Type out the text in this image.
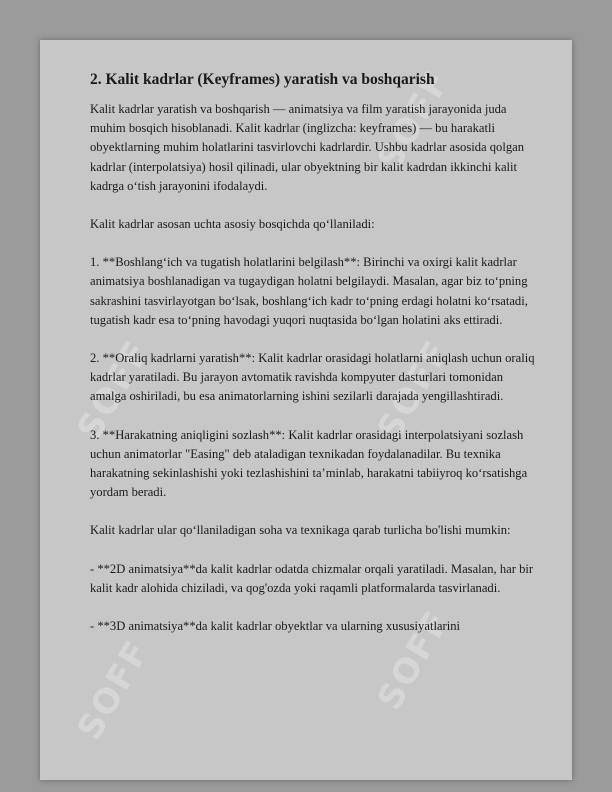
SOFF
SOFF
SOFF
SOFF
SOFF
2. Kalit kadrlar (Keyframes) yaratish va boshqarish

Kalit kadrlar yaratish va boshqarish — animatsiya va film yaratish jarayonida juda muhim bosqich hisoblanadi. Kalit kadrlar (inglizcha: keyframes) — bu harakatli obyektlarning muhim holatlarini tasvirlovchi kadrlardir. Ushbu kadrlar asosida qolgan kadrlar (interpolatsiya) hosil qilinadi, ular obyektning bir kalit kadrdan ikkinchi kalit kadrga o‘tish jarayonini ifodalaydi.

Kalit kadrlar asosan uchta asosiy bosqichda qo‘llaniladi:

1. **Boshlang‘ich va tugatish holatlarini belgilash**: Birinchi va oxirgi kalit kadrlar animatsiya boshlanadigan va tugaydigan holatni belgilaydi. Masalan, agar biz to‘pning sakrashini tasvirlayotgan bo‘lsak, boshlang‘ich kadr to‘pning erdagi holatni ko‘rsatadi, tugatish kadr esa to‘pning havodagi yuqori nuqtasida bo‘lgan holatini aks ettiradi.

2. **Oraliq kadrlarni yaratish**: Kalit kadrlar orasidagi holatlarni aniqlash uchun oraliq kadrlar yaratiladi. Bu jarayon avtomatik ravishda kompyuter dasturlari tomonidan amalga oshiriladi, bu esa animatorlarning ishini sezilarli darajada yengillashtiradi.

3. **Harakatning aniqligini sozlash**: Kalit kadrlar orasidagi interpolatsiyani sozlash uchun animatorlar "Easing" deb ataladigan texnikadan foydalanadilar. Bu texnika harakatning sekinlashishi yoki tezlashishini ta’minlab, harakatni tabiiyroq ko‘rsatishga yordam beradi.

Kalit kadrlar ular qo‘llaniladigan soha va texnikaga qarab turlicha bo'lishi mumkin:

- **2D animatsiya**da kalit kadrlar odatda chizmalar orqali yaratiladi. Masalan, har bir kalit kadr alohida chiziladi, va qog'ozda yoki raqamli platformalarda tasvirlanadi.

- **3D animatsiya**da kalit kadrlar obyektlar va ularning xususiyatlarini
